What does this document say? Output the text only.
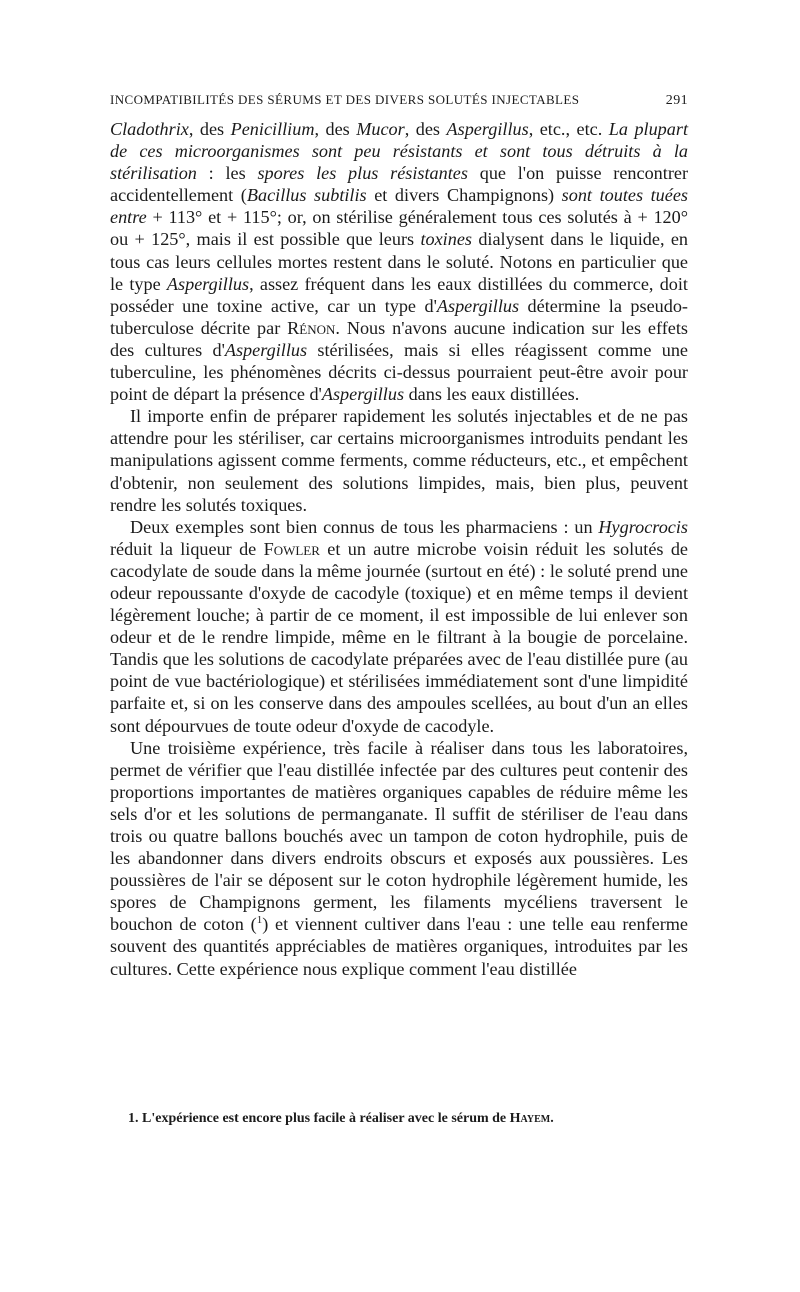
INCOMPATIBILITÉS DES SÉRUMS ET DES DIVERS SOLUTÉS INJECTABLES	291

Cladothrix, des Penicillium, des Mucor, des Aspergillus, etc., etc. La plupart de ces microorganismes sont peu résistants et sont tous détruits à la stérilisation : les spores les plus résistantes que l'on puisse rencontrer accidentellement (Bacillus subtilis et divers Champignons) sont toutes tuées entre + 113° et + 115°; or, on stérilise généralement tous ces solutés à + 120° ou + 125°, mais il est possible que leurs toxines dialysent dans le liquide, en tous cas leurs cellules mortes restent dans le soluté. Notons en particulier que le type Aspergillus, assez fréquent dans les eaux distillées du commerce, doit posséder une toxine active, car un type d'Aspergillus détermine la pseudo-tuberculose décrite par Rénon. Nous n'avons aucune indication sur les effets des cultures d'Aspergillus stérilisées, mais si elles réagissent comme une tuberculine, les phénomènes décrits ci-dessus pourraient peut-être avoir pour point de départ la présence d'Aspergillus dans les eaux distillées.

Il importe enfin de préparer rapidement les solutés injectables et de ne pas attendre pour les stériliser, car certains microorganismes introduits pendant les manipulations agissent comme ferments, comme réducteurs, etc., et empêchent d'obtenir, non seulement des solutions limpides, mais, bien plus, peuvent rendre les solutés toxiques.

Deux exemples sont bien connus de tous les pharmaciens : un Hygrocrocis réduit la liqueur de Fowler et un autre microbe voisin réduit les solutés de cacodylate de soude dans la même journée (surtout en été) : le soluté prend une odeur repoussante d'oxyde de cacodyle (toxique) et en même temps il devient légèrement louche; à partir de ce moment, il est impossible de lui enlever son odeur et de le rendre limpide, même en le filtrant à la bougie de porcelaine. Tandis que les solutions de cacodylate préparées avec de l'eau distillée pure (au point de vue bactériologique) et stérilisées immédiatement sont d'une limpidité parfaite et, si on les conserve dans des ampoules scellées, au bout d'un an elles sont dépourvues de toute odeur d'oxyde de cacodyle.

Une troisième expérience, très facile à réaliser dans tous les laboratoires, permet de vérifier que l'eau distillée infectée par des cultures peut contenir des proportions importantes de matières organiques capables de réduire même les sels d'or et les solutions de permanganate. Il suffit de stériliser de l'eau dans trois ou quatre ballons bouchés avec un tampon de coton hydrophile, puis de les abandonner dans divers endroits obscurs et exposés aux poussières. Les poussières de l'air se déposent sur le coton hydrophile légèrement humide, les spores de Champignons germent, les filaments mycéliens traversent le bouchon de coton ($^1$) et viennent cultiver dans l'eau : une telle eau renferme souvent des quantités appréciables de matières organiques, introduites par les cultures. Cette expérience nous explique comment l'eau distillée

1. L'expérience est encore plus facile à réaliser avec le sérum de Hayem.
